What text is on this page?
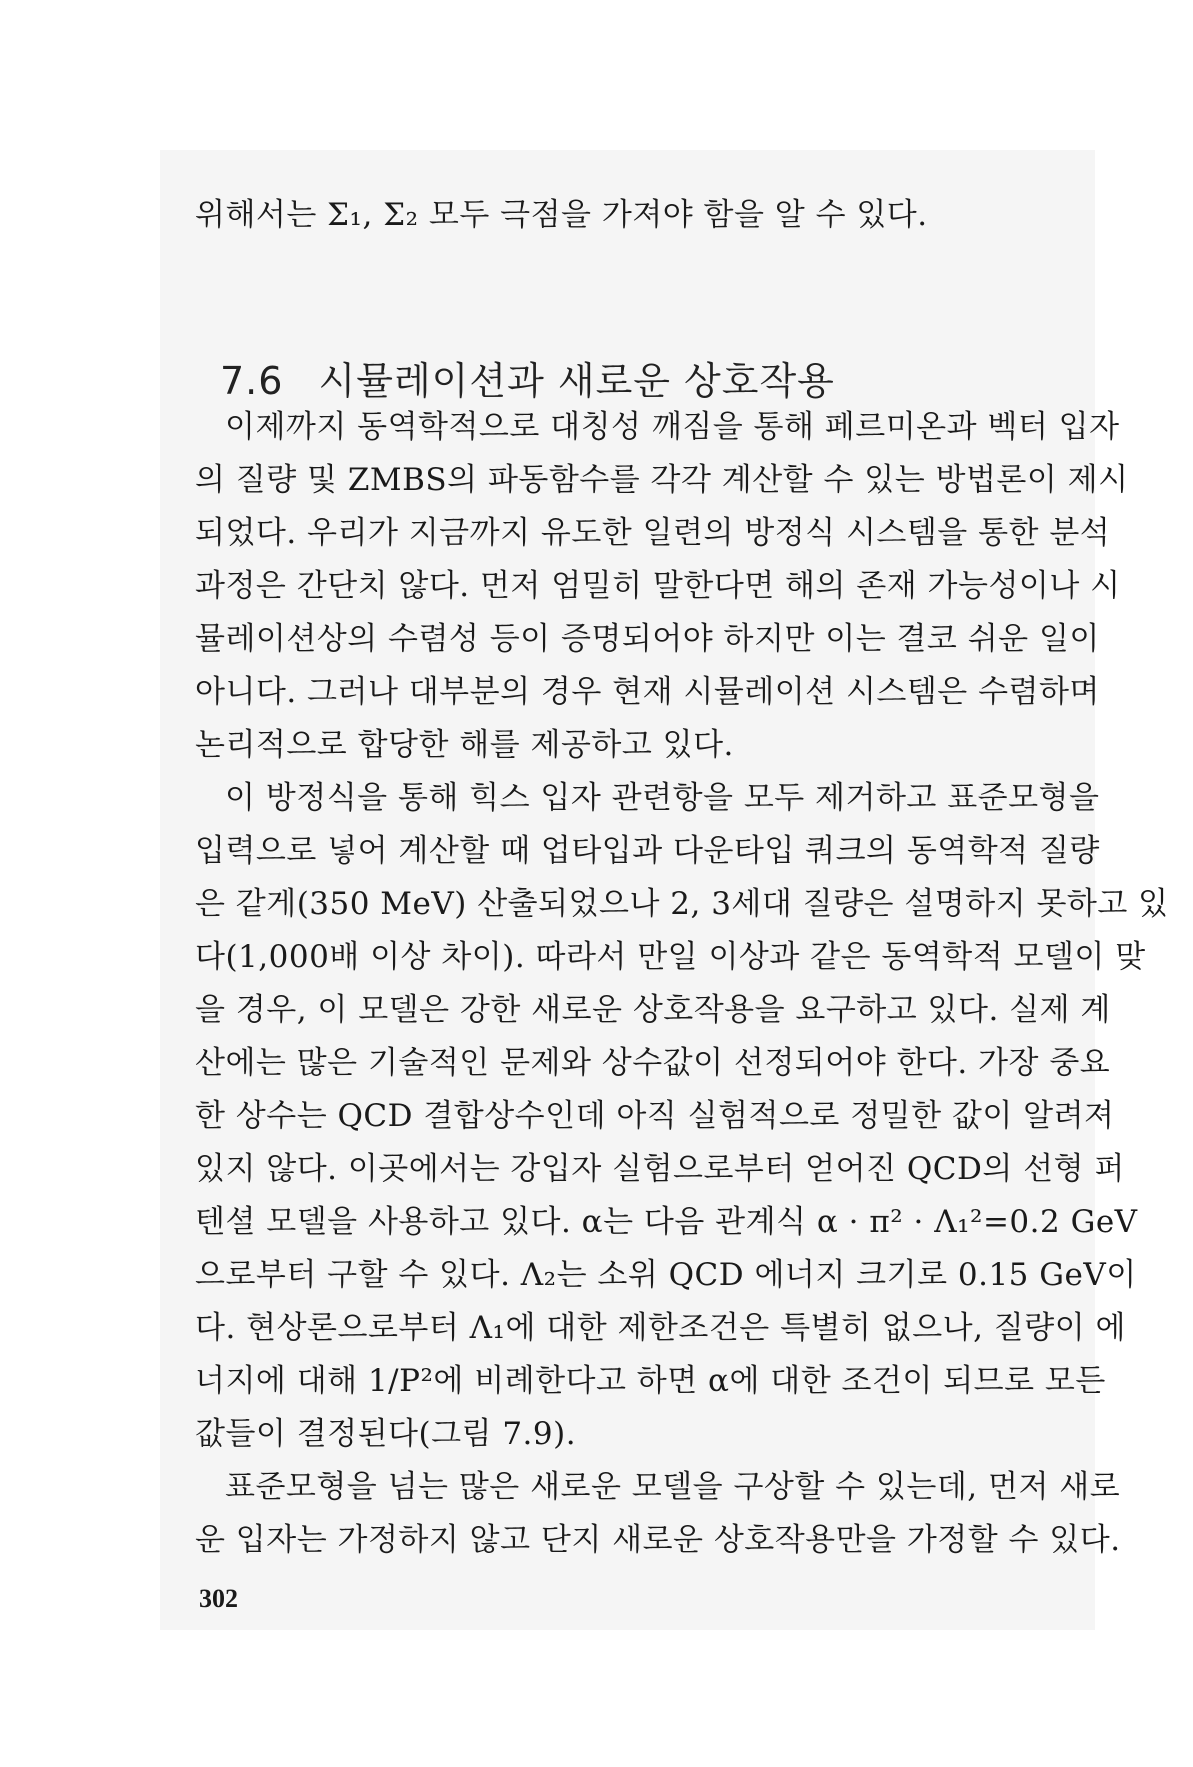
위해서는 Σ₁, Σ₂ 모두 극점을 가져야 함을 알 수 있다.
7.6 시뮬레이션과 새로운 상호작용
이제까지 동역학적으로 대칭성 깨짐을 통해 페르미온과 벡터 입자
의 질량 및 ZMBS의 파동함수를 각각 계산할 수 있는 방법론이 제시
되었다. 우리가 지금까지 유도한 일련의 방정식 시스템을 통한 분석
과정은 간단치 않다. 먼저 엄밀히 말한다면 해의 존재 가능성이나 시
뮬레이션상의 수렴성 등이 증명되어야 하지만 이는 결코 쉬운 일이
아니다. 그러나 대부분의 경우 현재 시뮬레이션 시스템은 수렴하며
논리적으로 합당한 해를 제공하고 있다.
이 방정식을 통해 힉스 입자 관련항을 모두 제거하고 표준모형을
입력으로 넣어 계산할 때 업타입과 다운타입 쿼크의 동역학적 질량
은 같게(350 MeV) 산출되었으나 2, 3세대 질량은 설명하지 못하고 있
다(1,000배 이상 차이). 따라서 만일 이상과 같은 동역학적 모델이 맞
을 경우, 이 모델은 강한 새로운 상호작용을 요구하고 있다. 실제 계
산에는 많은 기술적인 문제와 상수값이 선정되어야 한다. 가장 중요
한 상수는 QCD 결합상수인데 아직 실험적으로 정밀한 값이 알려져
있지 않다. 이곳에서는 강입자 실험으로부터 얻어진 QCD의 선형 퍼
텐셜 모델을 사용하고 있다. α는 다음 관계식 α · π² · Λ₁²=0.2 GeV
으로부터 구할 수 있다. Λ₂는 소위 QCD 에너지 크기로 0.15 GeV이
다. 현상론으로부터 Λ₁에 대한 제한조건은 특별히 없으나, 질량이 에
너지에 대해 1/P²에 비례한다고 하면 α에 대한 조건이 되므로 모든
값들이 결정된다(그림 7.9).
표준모형을 넘는 많은 새로운 모델을 구상할 수 있는데, 먼저 새로
운 입자는 가정하지 않고 단지 새로운 상호작용만을 가정할 수 있다.
302
